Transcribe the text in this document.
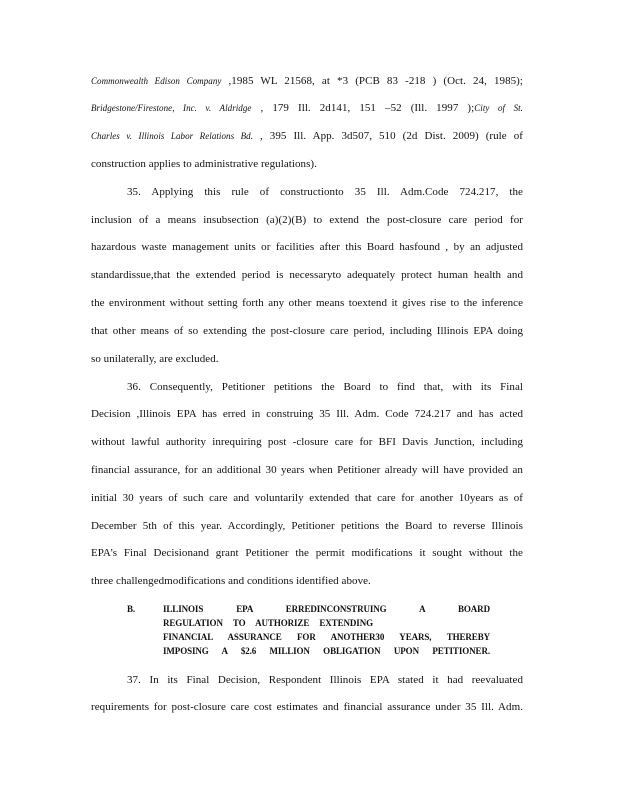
Commonwealth Edison Company ,1985 WL 21568, at *3 (PCB 83 -218 ) (Oct. 24, 1985);
Bridgestone/Firestone, Inc. v. Aldridge , 179 Ill. 2d141, 151 –52 (Ill. 1997 );City of St.
Charles v. Illinois Labor Relations Bd. , 395 Ill. App. 3d507, 510 (2d Dist. 2009) (rule of
construction applies to administrative regulations).
35. Applying this rule of constructionto 35 Ill. Adm.Code 724.217, the
inclusion of a means insubsection (a)(2)(B) to extend the post-closure care period for
hazardous waste management units or facilities after this Board hasfound , by an adjusted
standardissue,that the extended period is necessaryto adequately protect human health and
the environment without setting forth any other means toextend it gives rise to the inference
that other means of so extending the post-closure care period, including Illinois EPA doing
so unilaterally, are excluded.
36. Consequently, Petitioner petitions the Board to find that, with its Final
Decision ,Illinois EPA has erred in construing 35 Ill. Adm. Code 724.217 and has acted
without lawful authority inrequiring post -closure care for BFI Davis Junction, including
financial assurance, for an additional 30 years when Petitioner already will have provided an
initial 30 years of such care and voluntarily extended that care for another 10years as of
December 5th of this year. Accordingly, Petitioner petitions the Board to reverse Illinois
EPA’s Final Decisionand grant Petitioner the permit modifications it sought without the
three challengedmodifications and conditions identified above.
B.	ILLINOIS EPA ERREDINCONSTRUING A BOARD
REGULATION TO AUTHORIZE EXTENDING
FINANCIAL ASSURANCE FOR ANOTHER30 YEARS, THEREBY
IMPOSING A $2.6 MILLION OBLIGATION UPON PETITIONER.
37. In its Final Decision, Respondent Illinois EPA stated it had reevaluated
requirements for post-closure care cost estimates and financial assurance under 35 Ill. Adm.
